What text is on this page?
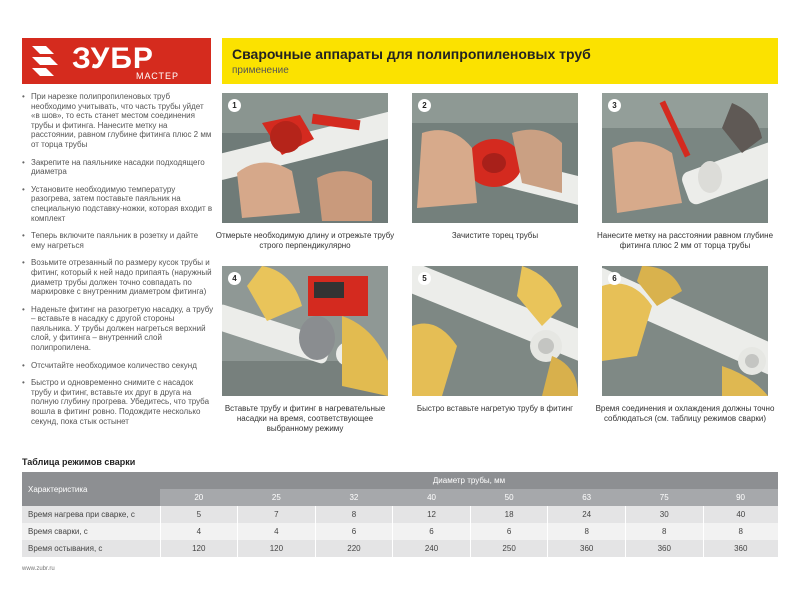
ЗУБР
МАСТЕР
Сварочные аппараты для полипропиленовых труб
применение

• При нарезке полипропиленовых труб необходимо учитывать, что часть трубы уйдет «в шов», то есть станет местом соединения трубы и фитинга. Нанесите метку на расстоянии, равном глубине фитинга плюс 2 мм от торца трубы

• Закрепите на паяльнике насадки подходящего диаметра

• Установите необходимую температуру разогрева, затем поставьте паяльник на специальную подставку-ножки, которая входит в комплект

• Теперь включите паяльник в розетку и дайте ему нагреться

• Возьмите отрезанный по размеру кусок трубы и фитинг, который к ней надо припаять (наружный диаметр трубы должен точно совпадать по маркировке с внутренним диаметром фитинга)

• Наденьте фитинг на разогретую насадку, а трубу – вставьте в насадку с другой стороны паяльника. У трубы должен нагреться верхний слой, у фитинга – внутренний слой полипропилена.

• Отсчитайте необходимое количество секунд

• Быстро и одновременно снимите с насадок трубу и фитинг, вставьте их друг в друга на полную глубину прогрева. Убедитесь, что труба вошла в фитинг ровно. Подождите несколько секунд, пока стык остынет

1
Отмерьте необходимую длину и отрежьте трубу строго перпендикулярно
2
Зачистите торец трубы
3
Нанесите метку на расстоянии равном глубине фитинга плюс 2 мм от торца трубы
4
Вставьте трубу и фитинг в нагревательные насадки на время, соответствующее выбранному режиму
5
Быстро вставьте нагретую трубу в фитинг
6
Время соединения и охлаждения должны точно соблюдаться (см. таблицу режимов сварки)
Таблица режимов сварки
Характеристика	Диаметр трубы, мм							
	20	25	32	40	50	63	75	90
Время нагрева при сварке, с	5	7	8	12	18	24	30	40
Время сварки, с	4	4	6	6	6	8	8	8
Время остывания, с	120	120	220	240	250	360	360	360
www.zubr.ru
